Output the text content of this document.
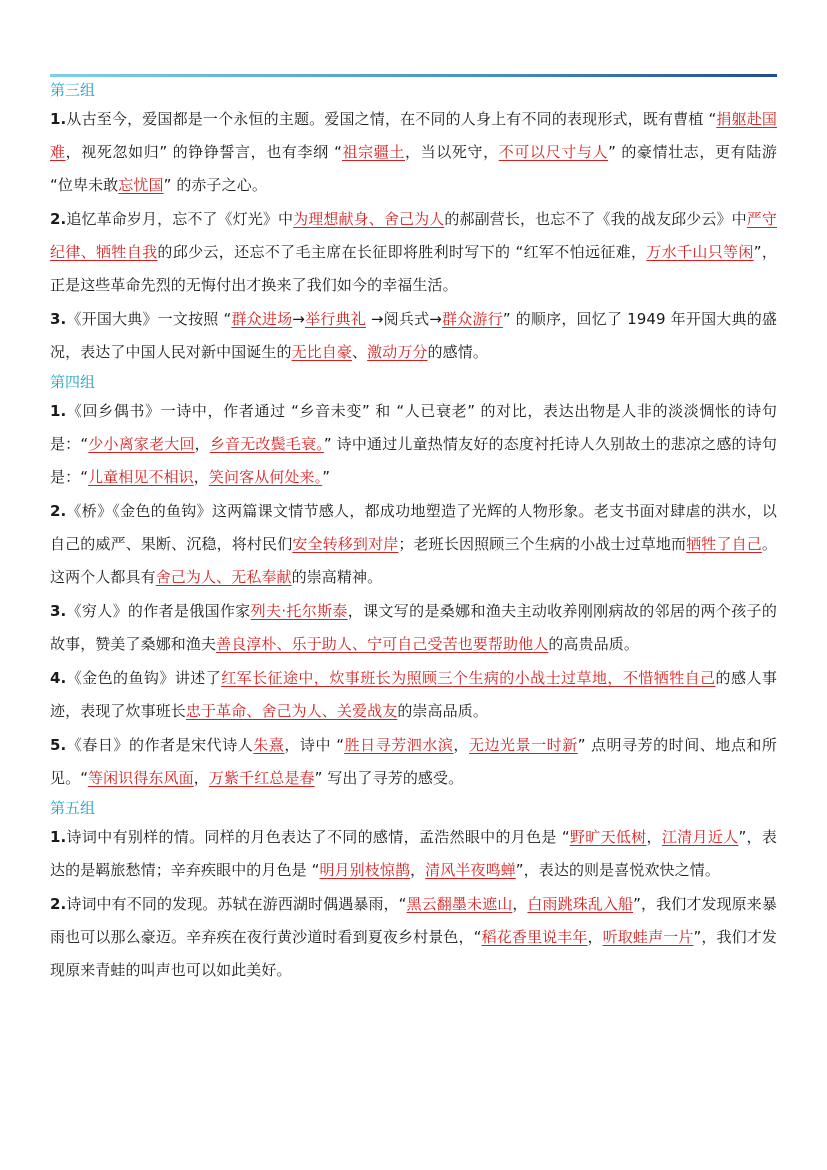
第三组

1.从古至今，爱国都是一个永恒的主题。爱国之情，在不同的人身上有不同的表现形式，既有曹植 “捐躯赴国难，视死忽如归” 的铮铮誓言，也有李纲 “祖宗疆土，当以死守，不可以尺寸与人” 的豪情壮志，更有陆游 “位卑未敢忘忧国” 的赤子之心。

2.追忆革命岁月，忘不了《灯光》中为理想献身、舍己为人的郝副营长，也忘不了《我的战友邱少云》中严守纪律、牺牲自我的邱少云，还忘不了毛主席在长征即将胜利时写下的 “红军不怕远征难，万水千山只等闲”，正是这些革命先烈的无悔付出才换来了我们如今的幸福生活。

3.《开国大典》一文按照 “群众进场→举行典礼 →阅兵式→群众游行” 的顺序，回忆了 1949 年开国大典的盛况，表达了中国人民对新中国诞生的无比自豪、激动万分的感情。

第四组

1.《回乡偶书》一诗中，作者通过 “乡音未变” 和 “人已衰老” 的对比，表达出物是人非的淡淡惆怅的诗句是：“少小离家老大回，乡音无改鬓毛衰。” 诗中通过儿童热情友好的态度衬托诗人久别故土的悲凉之感的诗句是：“儿童相见不相识，笑问客从何处来。”

2.《桥》《金色的鱼钩》这两篇课文情节感人，都成功地塑造了光辉的人物形象。老支书面对肆虐的洪水，以自己的威严、果断、沉稳，将村民们安全转移到对岸；老班长因照顾三个生病的小战士过草地而牺牲了自己。这两个人都具有舍己为人、无私奉献的崇高精神。

3.《穷人》的作者是俄国作家列夫·托尔斯泰，课文写的是桑娜和渔夫主动收养刚刚病故的邻居的两个孩子的故事，赞美了桑娜和渔夫善良淳朴、乐于助人、宁可自己受苦也要帮助他人的高贵品质。

4.《金色的鱼钩》讲述了红军长征途中，炊事班长为照顾三个生病的小战士过草地，不惜牺牲自己的感人事迹，表现了炊事班长忠于革命、舍己为人、关爱战友的崇高品质。

5.《春日》的作者是宋代诗人朱熹，诗中 “胜日寻芳泗水滨，无边光景一时新” 点明寻芳的时间、地点和所见。“等闲识得东风面，万紫千红总是春” 写出了寻芳的感受。

第五组

1.诗词中有别样的情。同样的月色表达了不同的感情，孟浩然眼中的月色是 “野旷天低树，江清月近人”，表达的是羁旅愁情；辛弃疾眼中的月色是 “明月别枝惊鹊，清风半夜鸣蝉”，表达的则是喜悦欢快之情。

2.诗词中有不同的发现。苏轼在游西湖时偶遇暴雨，“黑云翻墨未遮山，白雨跳珠乱入船”，我们才发现原来暴雨也可以那么豪迈。辛弃疾在夜行黄沙道时看到夏夜乡村景色，“稻花香里说丰年，听取蛙声一片”，我们才发现原来青蛙的叫声也可以如此美好。
